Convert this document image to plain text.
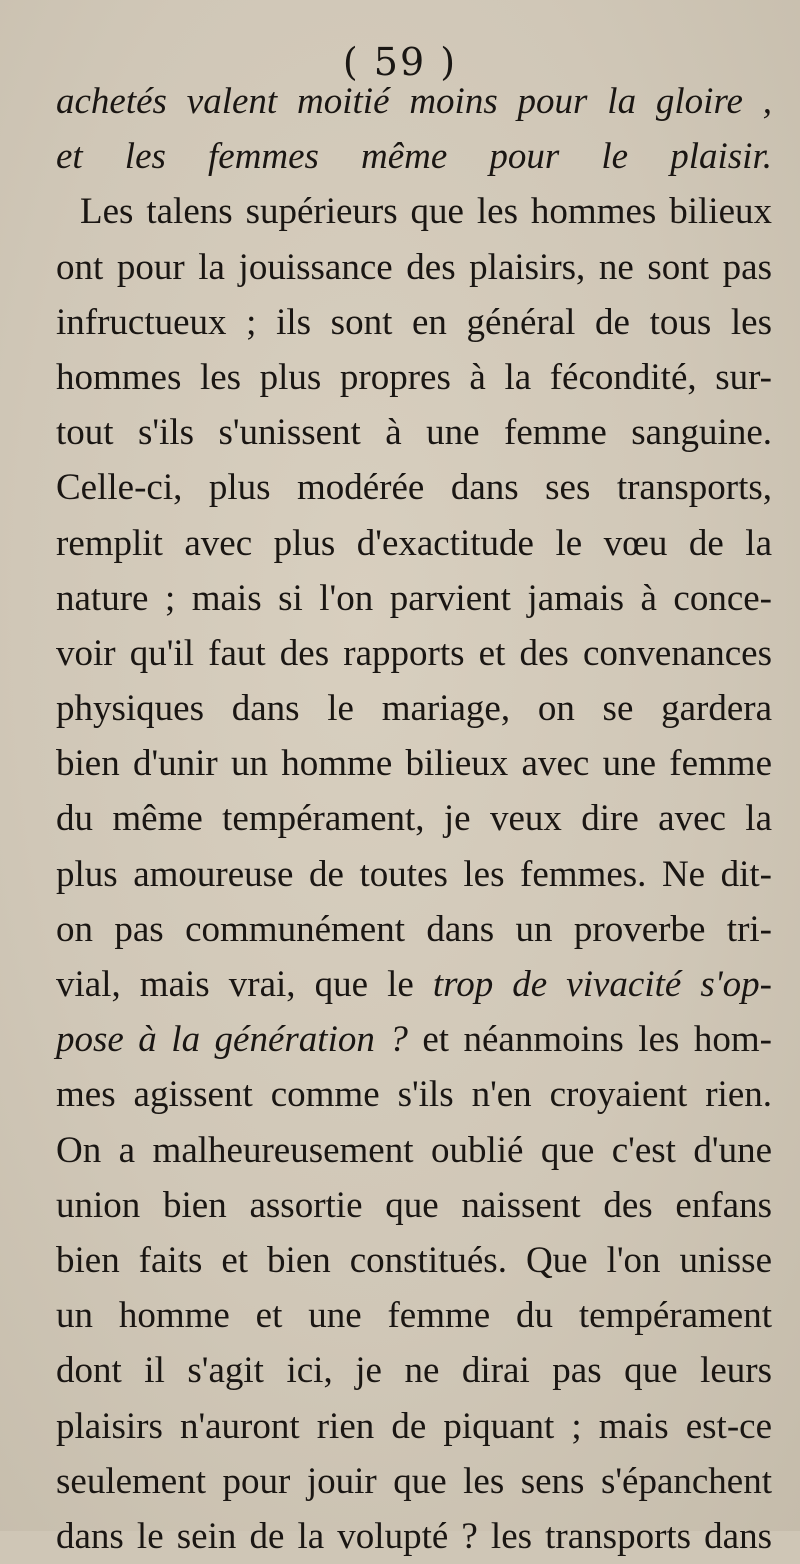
( 59 )
achetés valent moitié moins pour la gloire ,
et les femmes même pour le plaisir.
Les talens supérieurs que les hommes bilieux
ont pour la jouissance des plaisirs, ne sont pas
infructueux ; ils sont en général de tous les
hommes les plus propres à la fécondité, sur-
tout s'ils s'unissent à une femme sanguine.
Celle-ci, plus modérée dans ses transports,
remplit avec plus d'exactitude le vœu de la
nature ; mais si l'on parvient jamais à conce-
voir qu'il faut des rapports et des convenances
physiques dans le mariage, on se gardera
bien d'unir un homme bilieux avec une femme
du même tempérament, je veux dire avec la
plus amoureuse de toutes les femmes. Ne dit-
on pas communément dans un proverbe tri-
vial, mais vrai, que le trop de vivacité s'op-
pose à la génération ? et néanmoins les hom-
mes agissent comme s'ils n'en croyaient rien.
On a malheureusement oublié que c'est d'une
union bien assortie que naissent des enfans
bien faits et bien constitués. Que l'on unisse
un homme et une femme du tempérament
dont il s'agit ici, je ne dirai pas que leurs
plaisirs n'auront rien de piquant ; mais est-ce
seulement pour jouir que les sens s'épanchent
dans le sein de la volupté ? les transports dans
